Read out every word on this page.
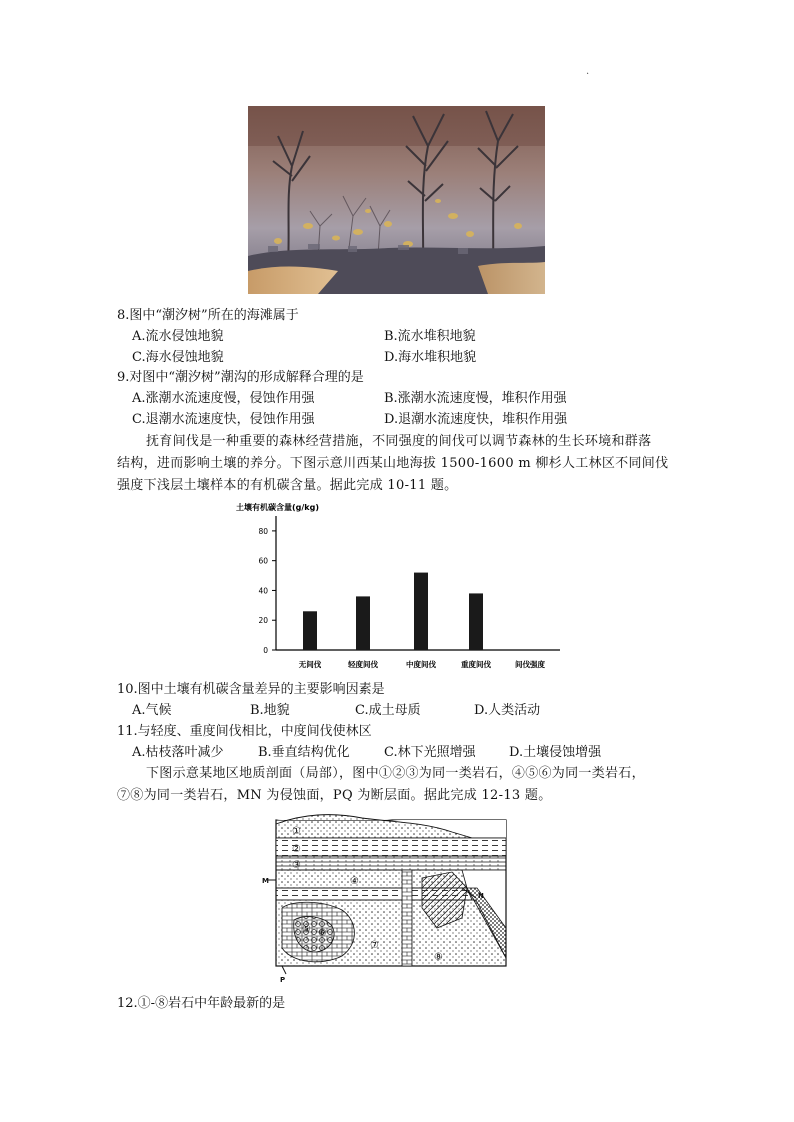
.
8.图中“潮汐树”所在的海滩属于
A.流水侵蚀地貌	B.流水堆积地貌
C.海水侵蚀地貌	D.海水堆积地貌
9.对图中“潮汐树”潮沟的形成解释合理的是
A.涨潮水流速度慢，侵蚀作用强	B.涨潮水流速度慢，堆积作用强
C.退潮水流速度快，侵蚀作用强	D.退潮水流速度快，堆积作用强
抚育间伐是一种重要的森林经营措施，不同强度的间伐可以调节森林的生长环境和群落
结构，进而影响土壤的养分。下图示意川西某山地海拔 1500-1600 m 柳杉人工林区不同间伐
强度下浅层土壤样本的有机碳含量。据此完成 10-11 题。
土壤有机碳含量(g/kg)
0
20
40
60
80
无间伐	轻度间伐	中度间伐	重度间伐	间伐强度
10.图中土壤有机碳含量差异的主要影响因素是
A.气候	B.地貌	C.成土母质	D.人类活动
11.与轻度、重度间伐相比，中度间伐使林区
A.枯枝落叶减少	B.垂直结构优化	C.林下光照增强	D.土壤侵蚀增强
下图示意某地区地质剖面（局部），图中①②③为同一类岩石，④⑤⑥为同一类岩石，
⑦⑧为同一类岩石，MN 为侵蚀面，PQ 为断层面。据此完成 12-13 题。
①
②
③
④
⑤ ⑥
⑦
⑧
M
N
P
12.①-⑧岩石中年龄最新的是
